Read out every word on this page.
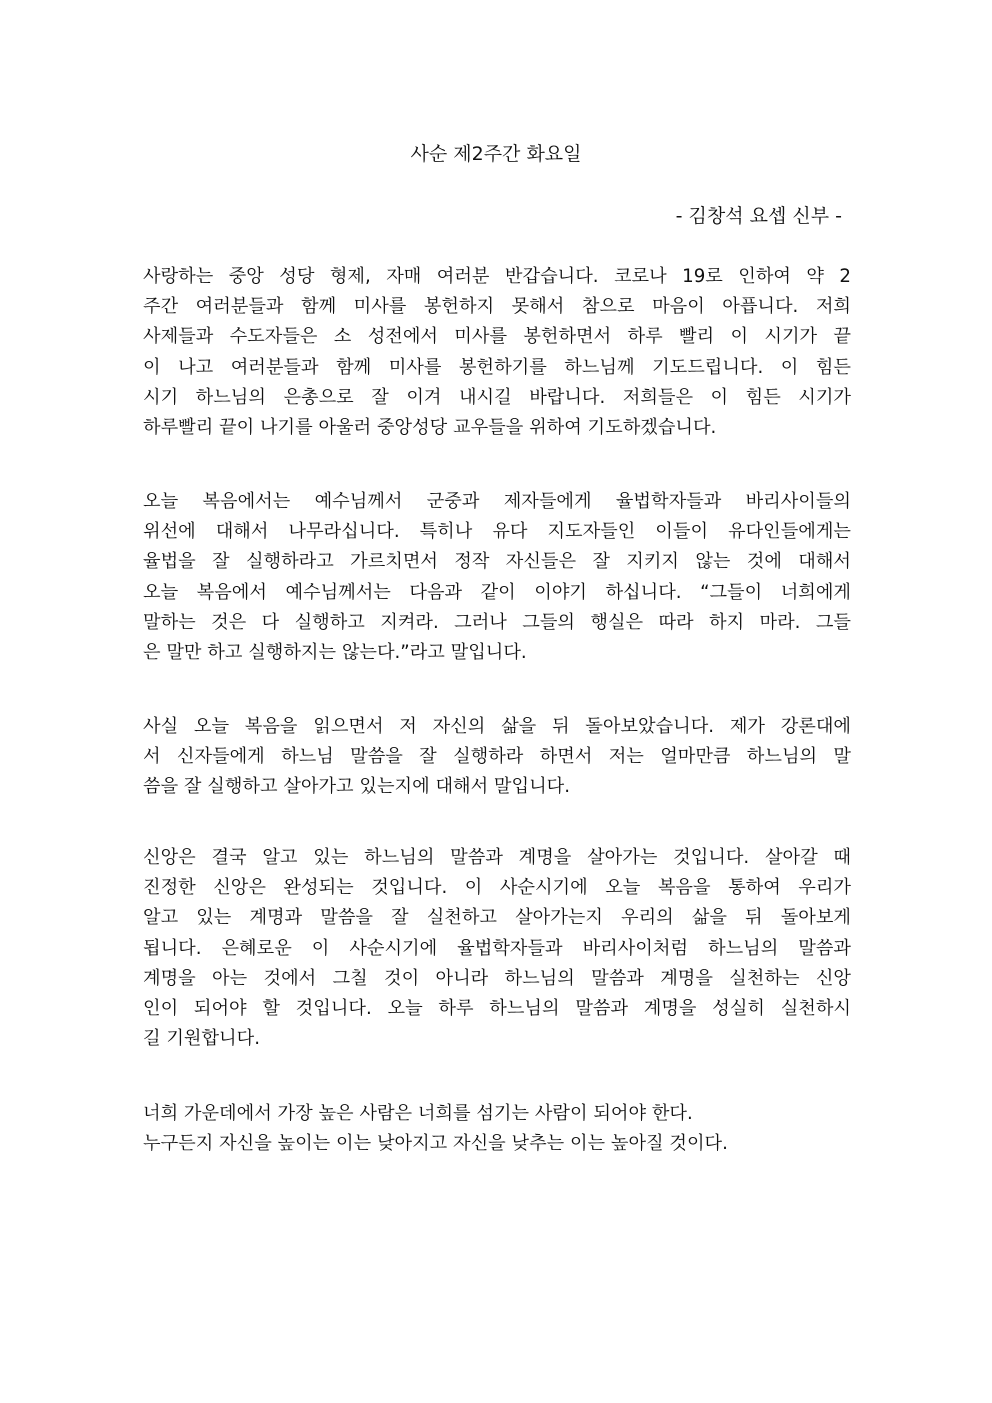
사순 제2주간 화요일
- 김창석 요셉 신부 -
사랑하는 중앙 성당 형제, 자매 여러분 반갑습니다. 코로나 19로 인하여 약 2
주간 여러분들과 함께 미사를 봉헌하지 못해서 참으로 마음이 아픕니다. 저희
사제들과 수도자들은 소 성전에서 미사를 봉헌하면서 하루 빨리 이 시기가 끝
이 나고 여러분들과 함께 미사를 봉헌하기를 하느님께 기도드립니다. 이 힘든
시기 하느님의 은총으로 잘 이겨 내시길 바랍니다. 저희들은 이 힘든 시기가
하루빨리 끝이 나기를 아울러 중앙성당 교우들을 위하여 기도하겠습니다.
오늘 복음에서는 예수님께서 군중과 제자들에게 율법학자들과 바리사이들의
위선에 대해서 나무라십니다. 특히나 유다 지도자들인 이들이 유다인들에게는
율법을 잘 실행하라고 가르치면서 정작 자신들은 잘 지키지 않는 것에 대해서
오늘 복음에서 예수님께서는 다음과 같이 이야기 하십니다. “그들이 너희에게
말하는 것은 다 실행하고 지켜라. 그러나 그들의 행실은 따라 하지 마라. 그들
은 말만 하고 실행하지는 않는다.”라고 말입니다.
사실 오늘 복음을 읽으면서 저 자신의 삶을 뒤 돌아보았습니다. 제가 강론대에
서 신자들에게 하느님 말씀을 잘 실행하라 하면서 저는 얼마만큼 하느님의 말
씀을 잘 실행하고 살아가고 있는지에 대해서 말입니다.
신앙은 결국 알고 있는 하느님의 말씀과 계명을 살아가는 것입니다. 살아갈 때
진정한 신앙은 완성되는 것입니다. 이 사순시기에 오늘 복음을 통하여 우리가
알고 있는 계명과 말씀을 잘 실천하고 살아가는지 우리의 삶을 뒤 돌아보게
됩니다. 은혜로운 이 사순시기에 율법학자들과 바리사이처럼 하느님의 말씀과
계명을 아는 것에서 그칠 것이 아니라 하느님의 말씀과 계명을 실천하는 신앙
인이 되어야 할 것입니다. 오늘 하루 하느님의 말씀과 계명을 성실히 실천하시
길 기원합니다.
너희 가운데에서 가장 높은 사람은 너희를 섬기는 사람이 되어야 한다.
누구든지 자신을 높이는 이는 낮아지고 자신을 낮추는 이는 높아질 것이다.
